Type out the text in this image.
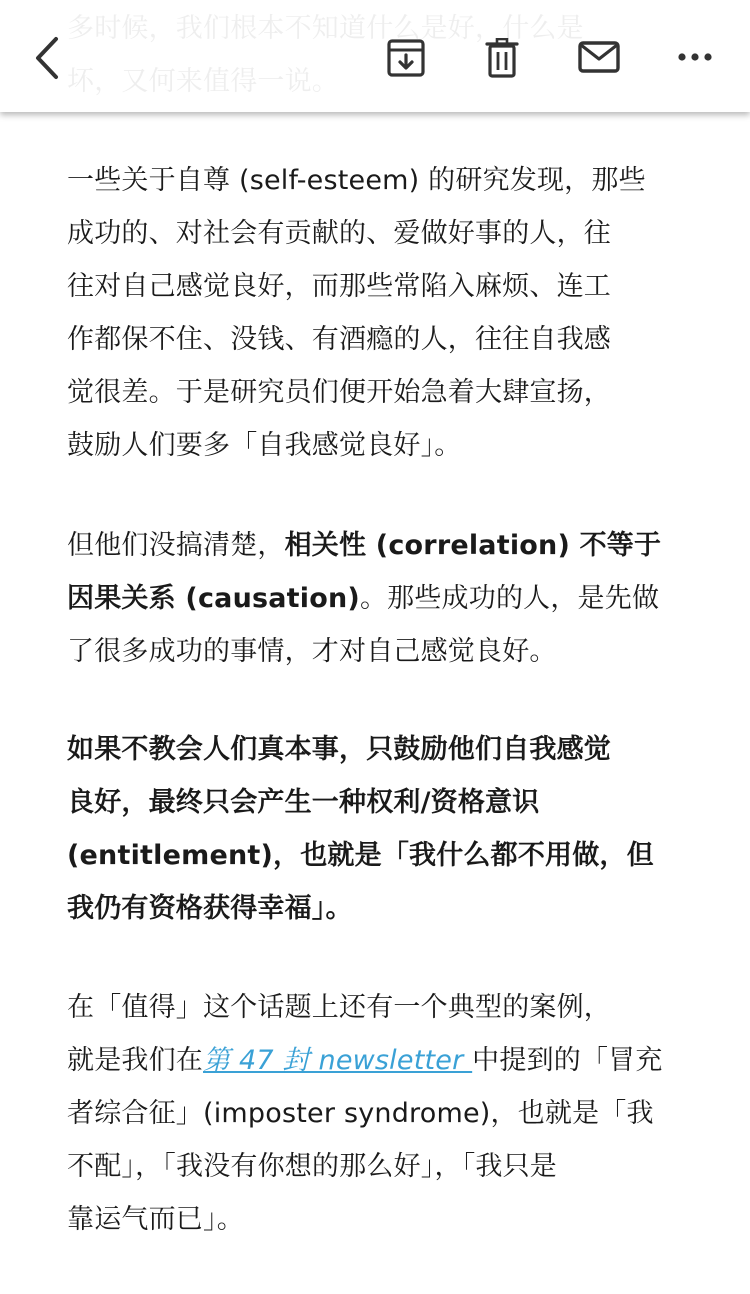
一些关于自尊 (self-esteem) 的研究发现，那些
成功的、对社会有贡献的、爱做好事的人，往
往对自己感觉良好，而那些常陷入麻烦、连工
作都保不住、没钱、有酒瘾的人，往往自我感
觉很差。于是研究员们便开始急着大肆宣扬，
鼓励人们要多「自我感觉良好」。

但他们没搞清楚，相关性 (correlation) 不等于
因果关系 (causation)。那些成功的人，是先做
了很多成功的事情，才对自己感觉良好。

如果不教会人们真本事，只鼓励他们自我感觉
良好，最终只会产生一种权利/资格意识
(entitlement)，也就是「我什么都不用做，但
我仍有资格获得幸福」。

在「值得」这个话题上还有一个典型的案例，
就是我们在第 47 封 newsletter 中提到的「冒充
者综合征」(imposter syndrome)，也就是「我
不配」，「我没有你想的那么好」，「我只是
靠运气而已」。
